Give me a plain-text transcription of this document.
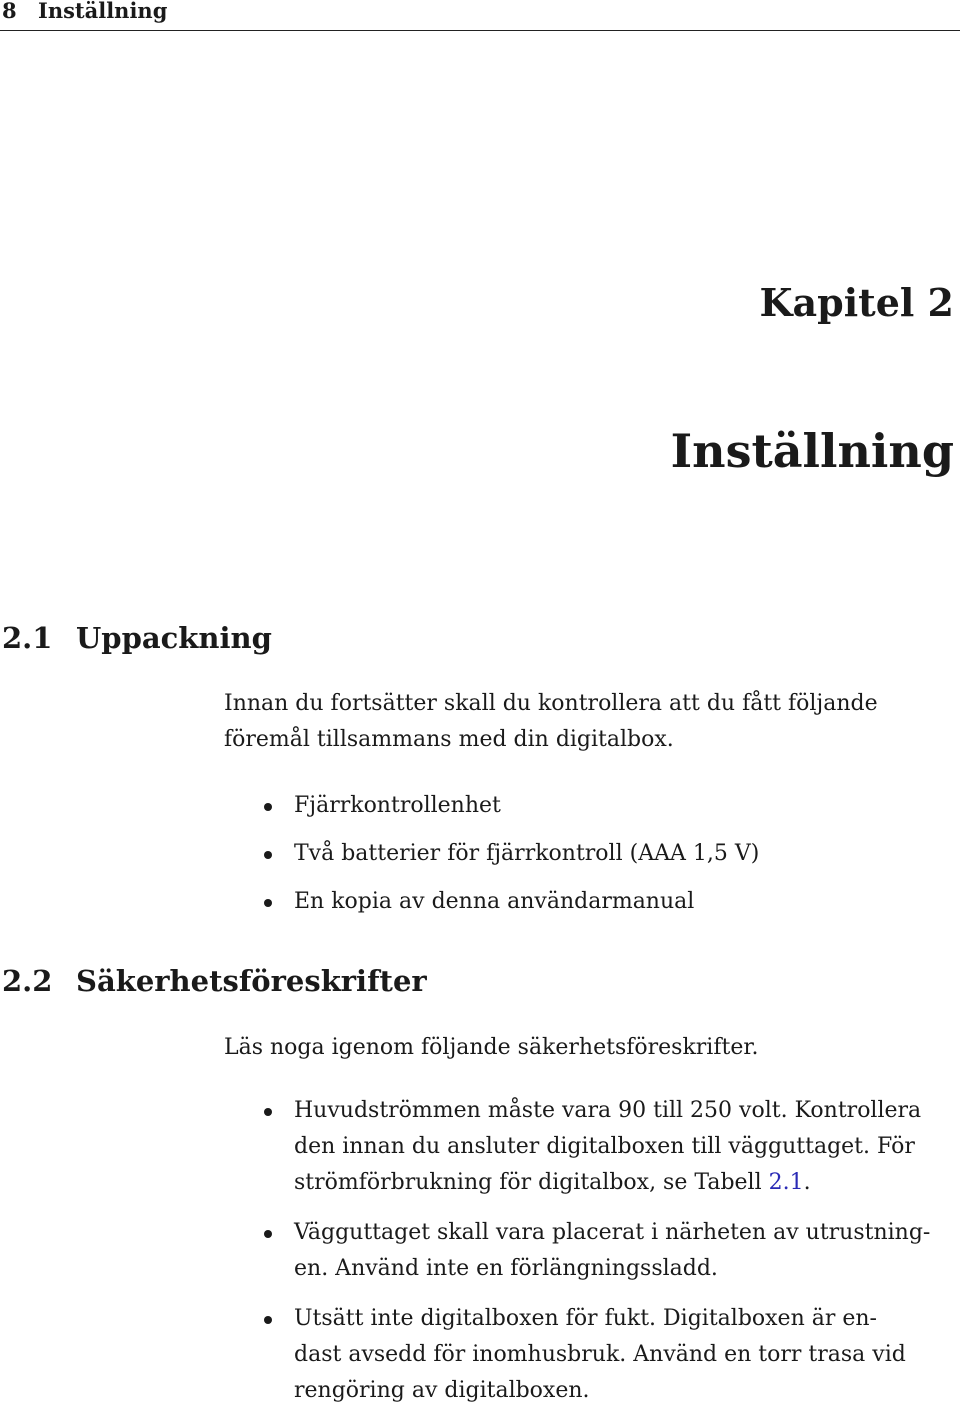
8 Inställning
Kapitel 2
Inställning
2.1 Uppackning
Innan du fortsätter skall du kontrollera att du fått följande
föremål tillsammans med din digitalbox.
Fjärrkontrollenhet
Två batterier för fjärrkontroll (AAA 1,5 V)
En kopia av denna användarmanual
2.2 Säkerhetsföreskrifter
Läs noga igenom följande säkerhetsföreskrifter.
Huvudströmmen måste vara 90 till 250 volt. Kontrollera
den innan du ansluter digitalboxen till vägguttaget. För
strömförbrukning för digitalbox, se Tabell 2.1.
Vägguttaget skall vara placerat i närheten av utrustning-
en. Använd inte en förlängningssladd.
Utsätt inte digitalboxen för fukt. Digitalboxen är en-
dast avsedd för inomhusbruk. Använd en torr trasa vid
rengöring av digitalboxen.
